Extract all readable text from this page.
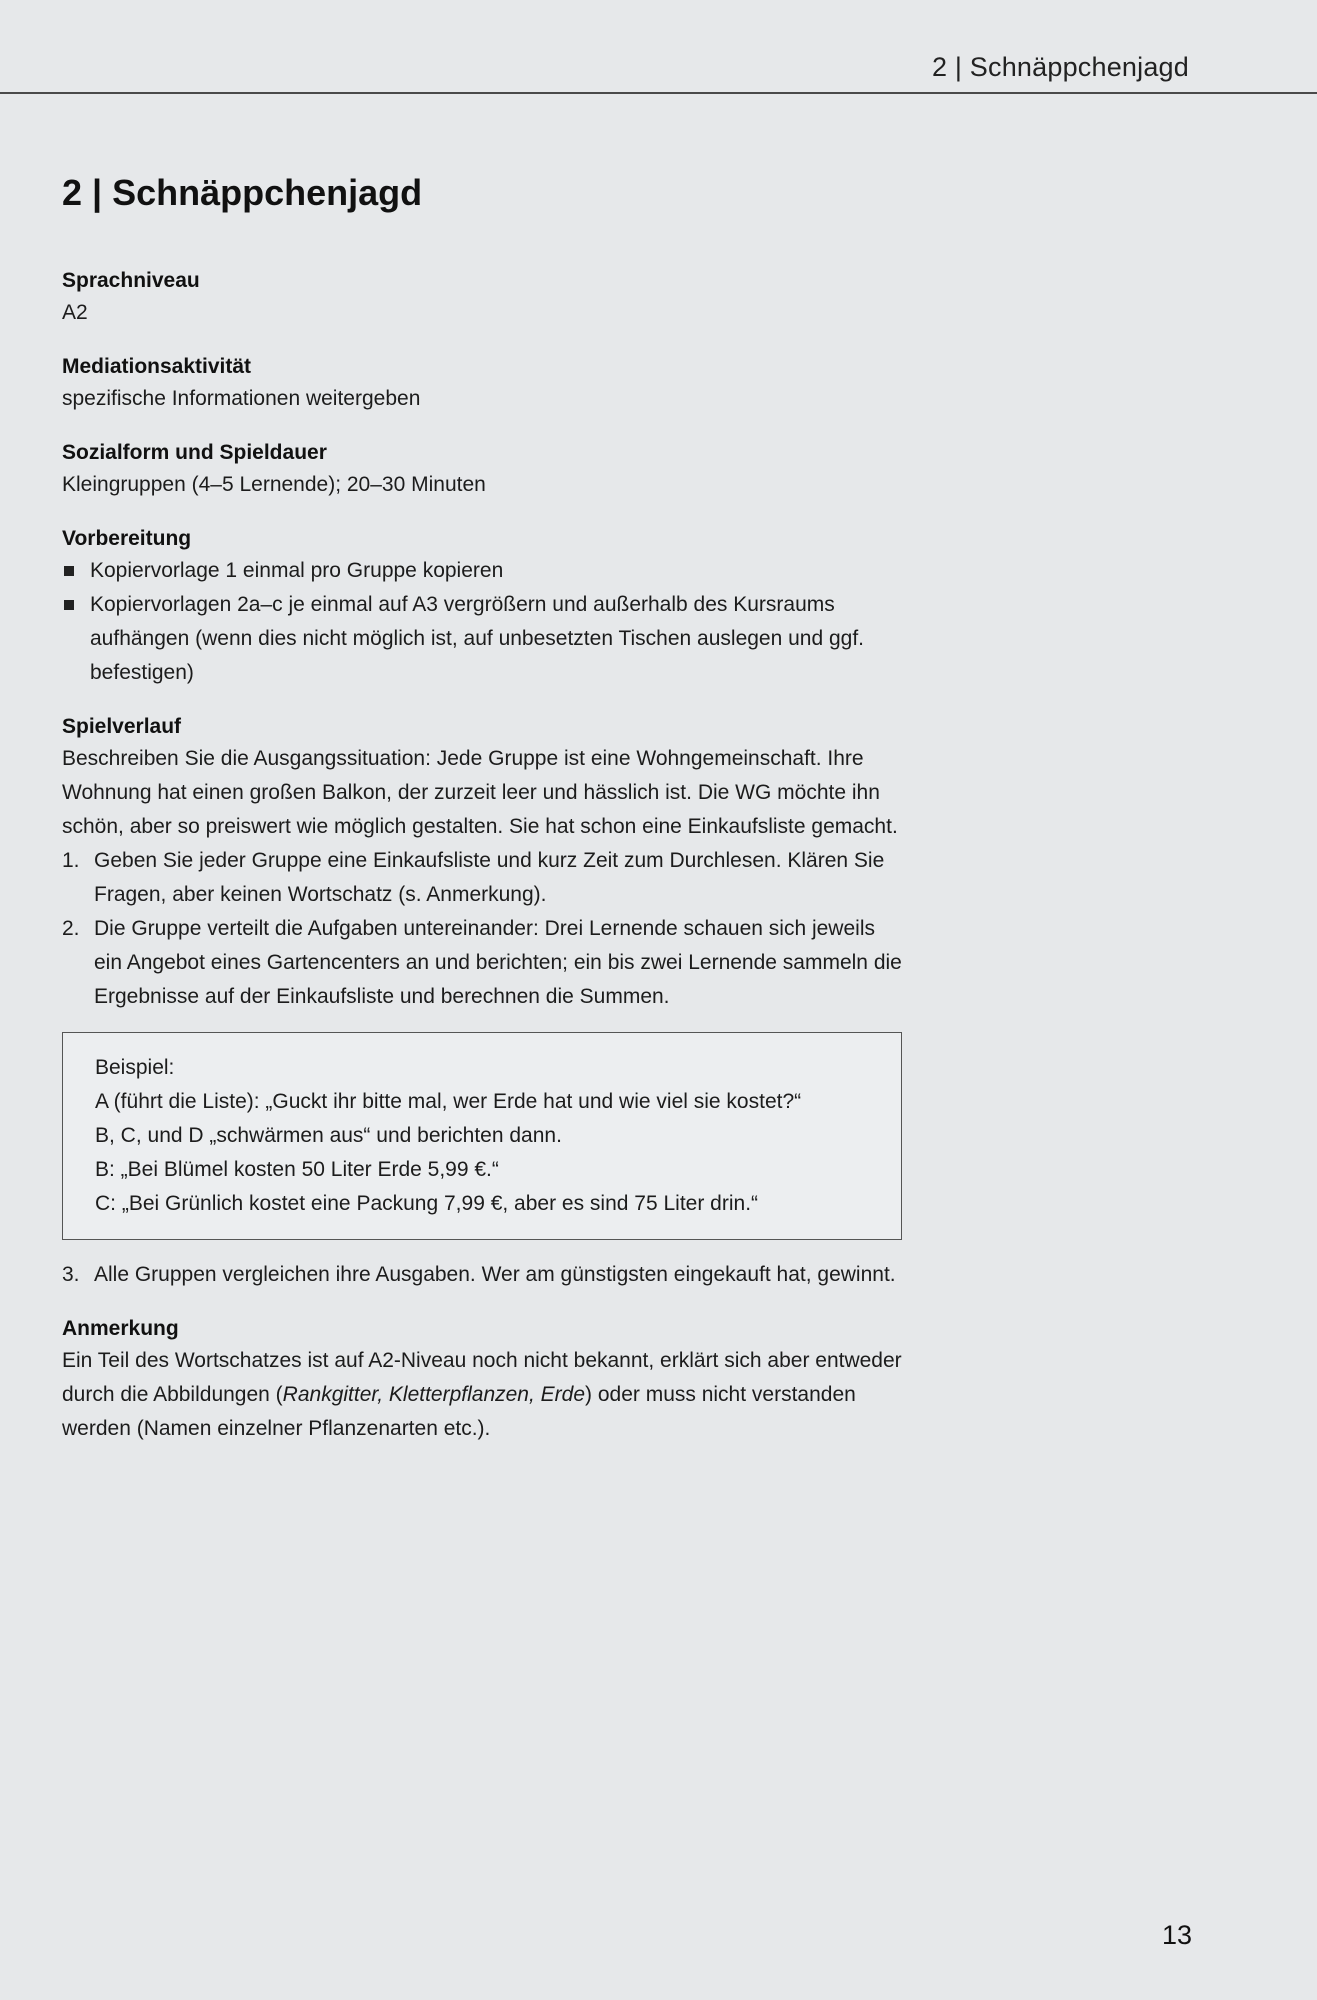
2 | Schnäppchenjagd
2 | Schnäppchenjagd
Sprachniveau
A2
Mediationsaktivität
spezifische Informationen weitergeben
Sozialform und Spieldauer
Kleingruppen (4–5 Lernende); 20–30 Minuten
Vorbereitung
Kopiervorlage 1 einmal pro Gruppe kopieren
Kopiervorlagen 2a–c je einmal auf A3 vergrößern und außerhalb des Kursraums aufhängen (wenn dies nicht möglich ist, auf unbesetzten Tischen auslegen und ggf. befestigen)
Spielverlauf
Beschreiben Sie die Ausgangssituation: Jede Gruppe ist eine Wohngemeinschaft. Ihre Wohnung hat einen großen Balkon, der zurzeit leer und hässlich ist. Die WG möchte ihn schön, aber so preiswert wie möglich gestalten. Sie hat schon eine Einkaufsliste gemacht.
1. Geben Sie jeder Gruppe eine Einkaufsliste und kurz Zeit zum Durchlesen. Klären Sie Fragen, aber keinen Wortschatz (s. Anmerkung).
2. Die Gruppe verteilt die Aufgaben untereinander: Drei Lernende schauen sich jeweils ein Angebot eines Gartencenters an und berichten; ein bis zwei Lernende sammeln die Ergebnisse auf der Einkaufsliste und berechnen die Summen.
Beispiel:
A (führt die Liste): „Guckt ihr bitte mal, wer Erde hat und wie viel sie kostet?“
B, C, und D „schwärmen aus“ und berichten dann.
B: „Bei Blümel kosten 50 Liter Erde 5,99 €.“
C: „Bei Grünlich kostet eine Packung 7,99 €, aber es sind 75 Liter drin.“
3. Alle Gruppen vergleichen ihre Ausgaben. Wer am günstigsten eingekauft hat, gewinnt.
Anmerkung
Ein Teil des Wortschatzes ist auf A2-Niveau noch nicht bekannt, erklärt sich aber entweder durch die Abbildungen (Rankgitter, Kletterpflanzen, Erde) oder muss nicht verstanden werden (Namen einzelner Pflanzenarten etc.).
13
